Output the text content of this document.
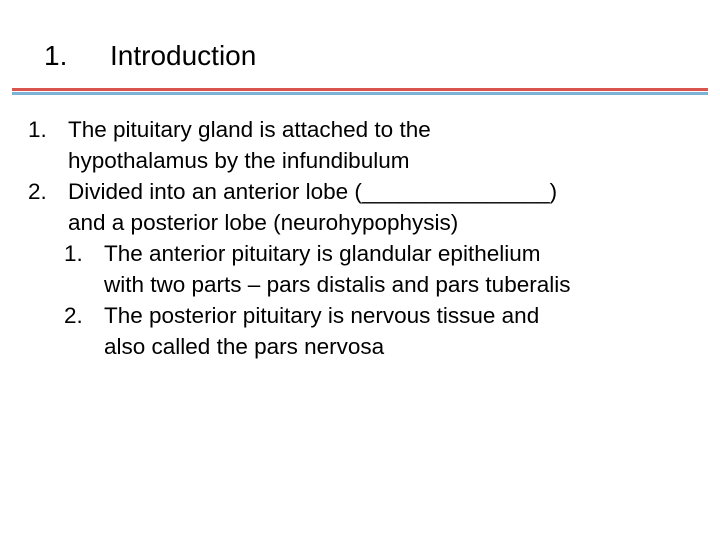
1. Introduction
1. The pituitary gland is attached to the
hypothalamus by the infundibulum
2. Divided into an anterior lobe (_______________)
and a posterior lobe (neurohypophysis)
1. The anterior pituitary is glandular epithelium
with two parts – pars distalis and pars tuberalis
2. The posterior pituitary is nervous tissue and
also called the pars nervosa
